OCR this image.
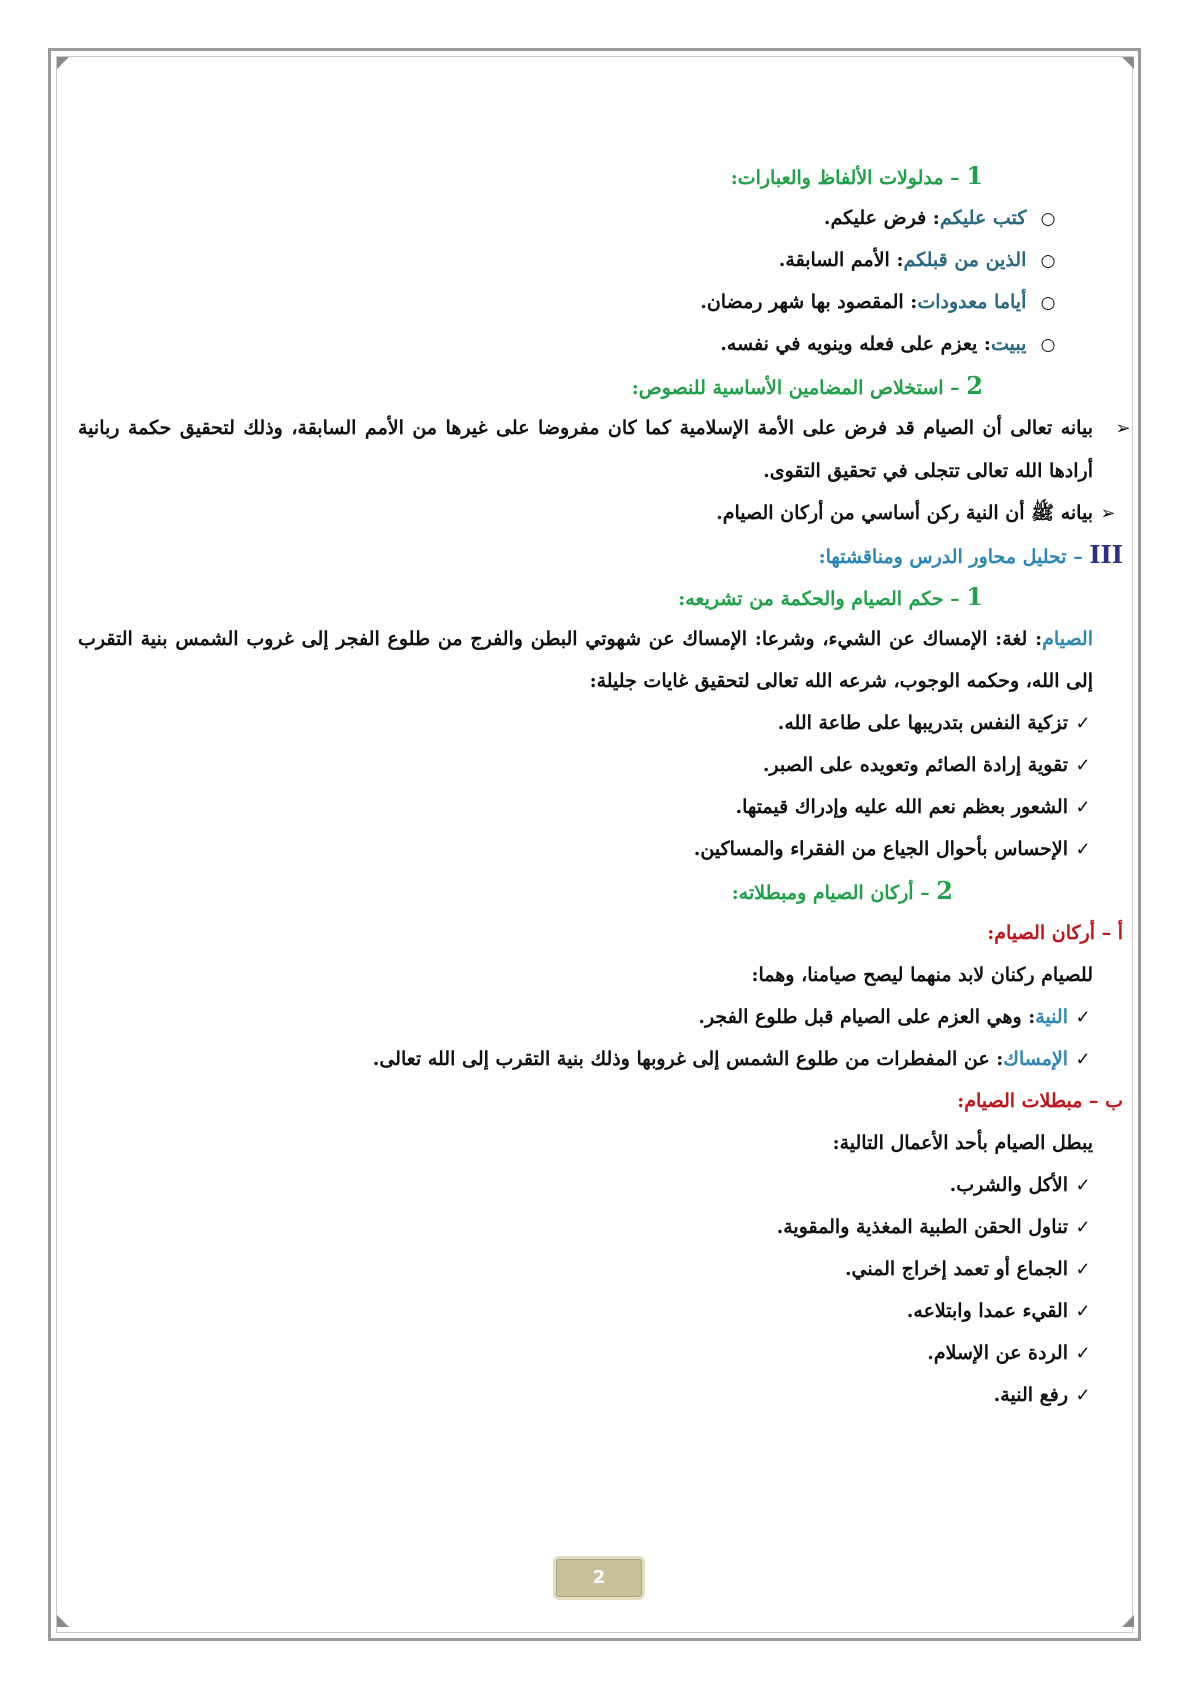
1 – مدلولات الألفاظ والعبارات:
○ كتب عليكم: فرض عليكم.
○ الذين من قبلكم: الأمم السابقة.
○ أياما معدودات: المقصود بها شهر رمضان.
○ يبيت: يعزم على فعله وينويه في نفسه.
2 – استخلاص المضامين الأساسية للنصوص:
➢بيانه تعالى أن الصيام قد فرض على الأمة الإسلامية كما كان مفروضا على غيرها من الأمم السابقة، وذلك لتحقيق حكمة ربانية أرادها الله تعالى تتجلى في تحقيق التقوى.
➢بيانه ﷺ أن النية ركن أساسي من أركان الصيام.
III – تحليل محاور الدرس ومناقشتها:
1 – حكم الصيام والحكمة من تشريعه:
الصيام: لغة: الإمساك عن الشيء، وشرعا: الإمساك عن شهوتي البطن والفرج من طلوع الفجر إلى غروب الشمس بنية التقرب إلى الله، وحكمه الوجوب، شرعه الله تعالى لتحقيق غايات جليلة:
✓تزكية النفس بتدريبها على طاعة الله.
✓تقوية إرادة الصائم وتعويده على الصبر.
✓الشعور بعظم نعم الله عليه وإدراك قيمتها.
✓الإحساس بأحوال الجياع من الفقراء والمساكين.
2 – أركان الصيام ومبطلاته:
أ – أركان الصيام:
للصيام ركنان لابد منهما ليصح صيامنا، وهما:
✓النية: وهي العزم على الصيام قبل طلوع الفجر.
✓الإمساك: عن المفطرات من طلوع الشمس إلى غروبها وذلك بنية التقرب إلى الله تعالى.
ب – مبطلات الصيام:
يبطل الصيام بأحد الأعمال التالية:
✓الأكل والشرب.
✓تناول الحقن الطبية المغذية والمقوية.
✓الجماع أو تعمد إخراج المني.
✓القيء عمدا وابتلاعه.
✓الردة عن الإسلام.
✓رفع النية.
2
